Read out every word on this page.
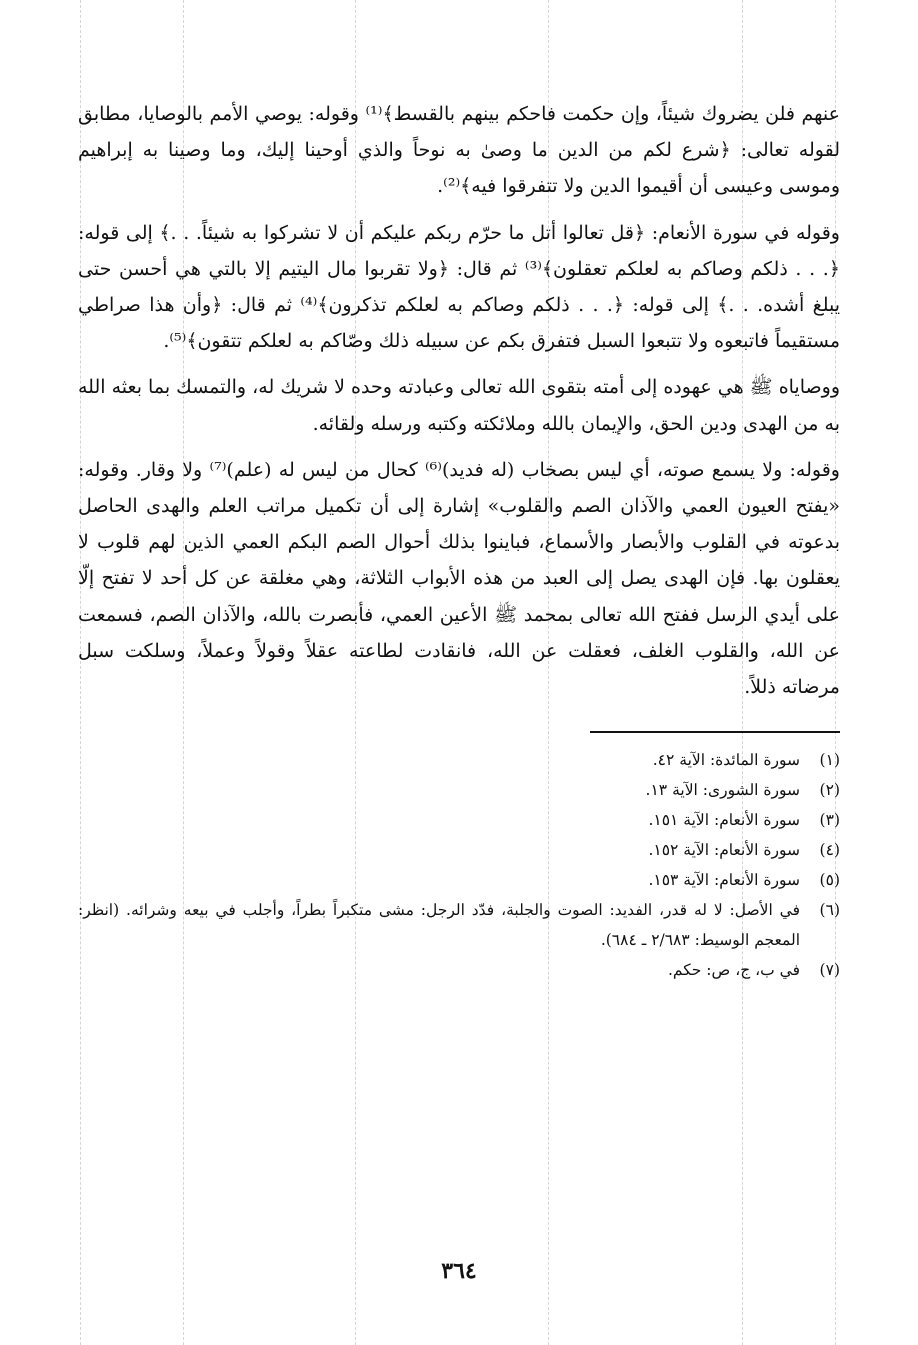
عنهم فلن يضروك شيئاً، وإن حكمت فاحكم بينهم بالقسط﴾⁽¹⁾ وقوله: يوصي الأمم بالوصايا، مطابق لقوله تعالى: ﴿شرع لكم من الدين ما وصىٰ به نوحاً والذي أوحينا إليك، وما وصينا به إبراهيم وموسى وعيسى أن أقيموا الدين ولا تتفرقوا فيه﴾⁽²⁾.

وقوله في سورة الأنعام: ﴿قل تعالوا أتل ما حرّم ربكم عليكم أن لا تشركوا به شيئاً. . .﴾ إلى قوله: ﴿. . . ذلكم وصاكم به لعلكم تعقلون﴾⁽³⁾ ثم قال: ﴿ولا تقربوا مال اليتيم إلا بالتي هي أحسن حتى يبلغ أشده. . .﴾ إلى قوله: ﴿. . . ذلكم وصاكم به لعلكم تذكرون﴾⁽⁴⁾ ثم قال: ﴿وأن هذا صراطي مستقيماً فاتبعوه ولا تتبعوا السبل فتفرق بكم عن سبيله ذلك وصّاكم به لعلكم تتقون﴾⁽⁵⁾.

ووصاياه ﷺ هي عهوده إلى أمته بتقوى الله تعالى وعبادته وحده لا شريك له، والتمسك بما بعثه الله به من الهدى ودين الحق، والإيمان بالله وملائكته وكتبه ورسله ولقائه.

وقوله: ولا يسمع صوته، أي ليس بصخاب (له فديد)⁽⁶⁾ كحال من ليس له (علم)⁽⁷⁾ ولا وقار. وقوله: «يفتح العيون العمي والآذان الصم والقلوب» إشارة إلى أن تكميل مراتب العلم والهدى الحاصل بدعوته في القلوب والأبصار والأسماع، فباينوا بذلك أحوال الصم البكم العمي الذين لهم قلوب لا يعقلون بها. فإن الهدى يصل إلى العبد من هذه الأبواب الثلاثة، وهي مغلقة عن كل أحد لا تفتح إلّا على أيدي الرسل ففتح الله تعالى بمحمد ﷺ الأعين العمي، فأبصرت بالله، والآذان الصم، فسمعت عن الله، والقلوب الغلف، فعقلت عن الله، فانقادت لطاعته عقلاً وقولاً وعملاً، وسلكت سبل مرضاته ذللاً.

(١)
سورة المائدة: الآية ٤٢.
(٢)
سورة الشورى: الآية ١٣.
(٣)
سورة الأنعام: الآية ١٥١.
(٤)
سورة الأنعام: الآية ١٥٢.
(٥)
سورة الأنعام: الآية ١٥٣.
(٦)
في الأصل: لا له قدر، الفديد: الصوت والجلبة، فدّد الرجل: مشى متكبراً بطراً، وأجلب في بيعه وشرائه. (انظر: المعجم الوسيط: ٢/٦٨٣ ـ ٦٨٤).
(٧)
في ب، ج، ص: حكم.
٣٦٤
